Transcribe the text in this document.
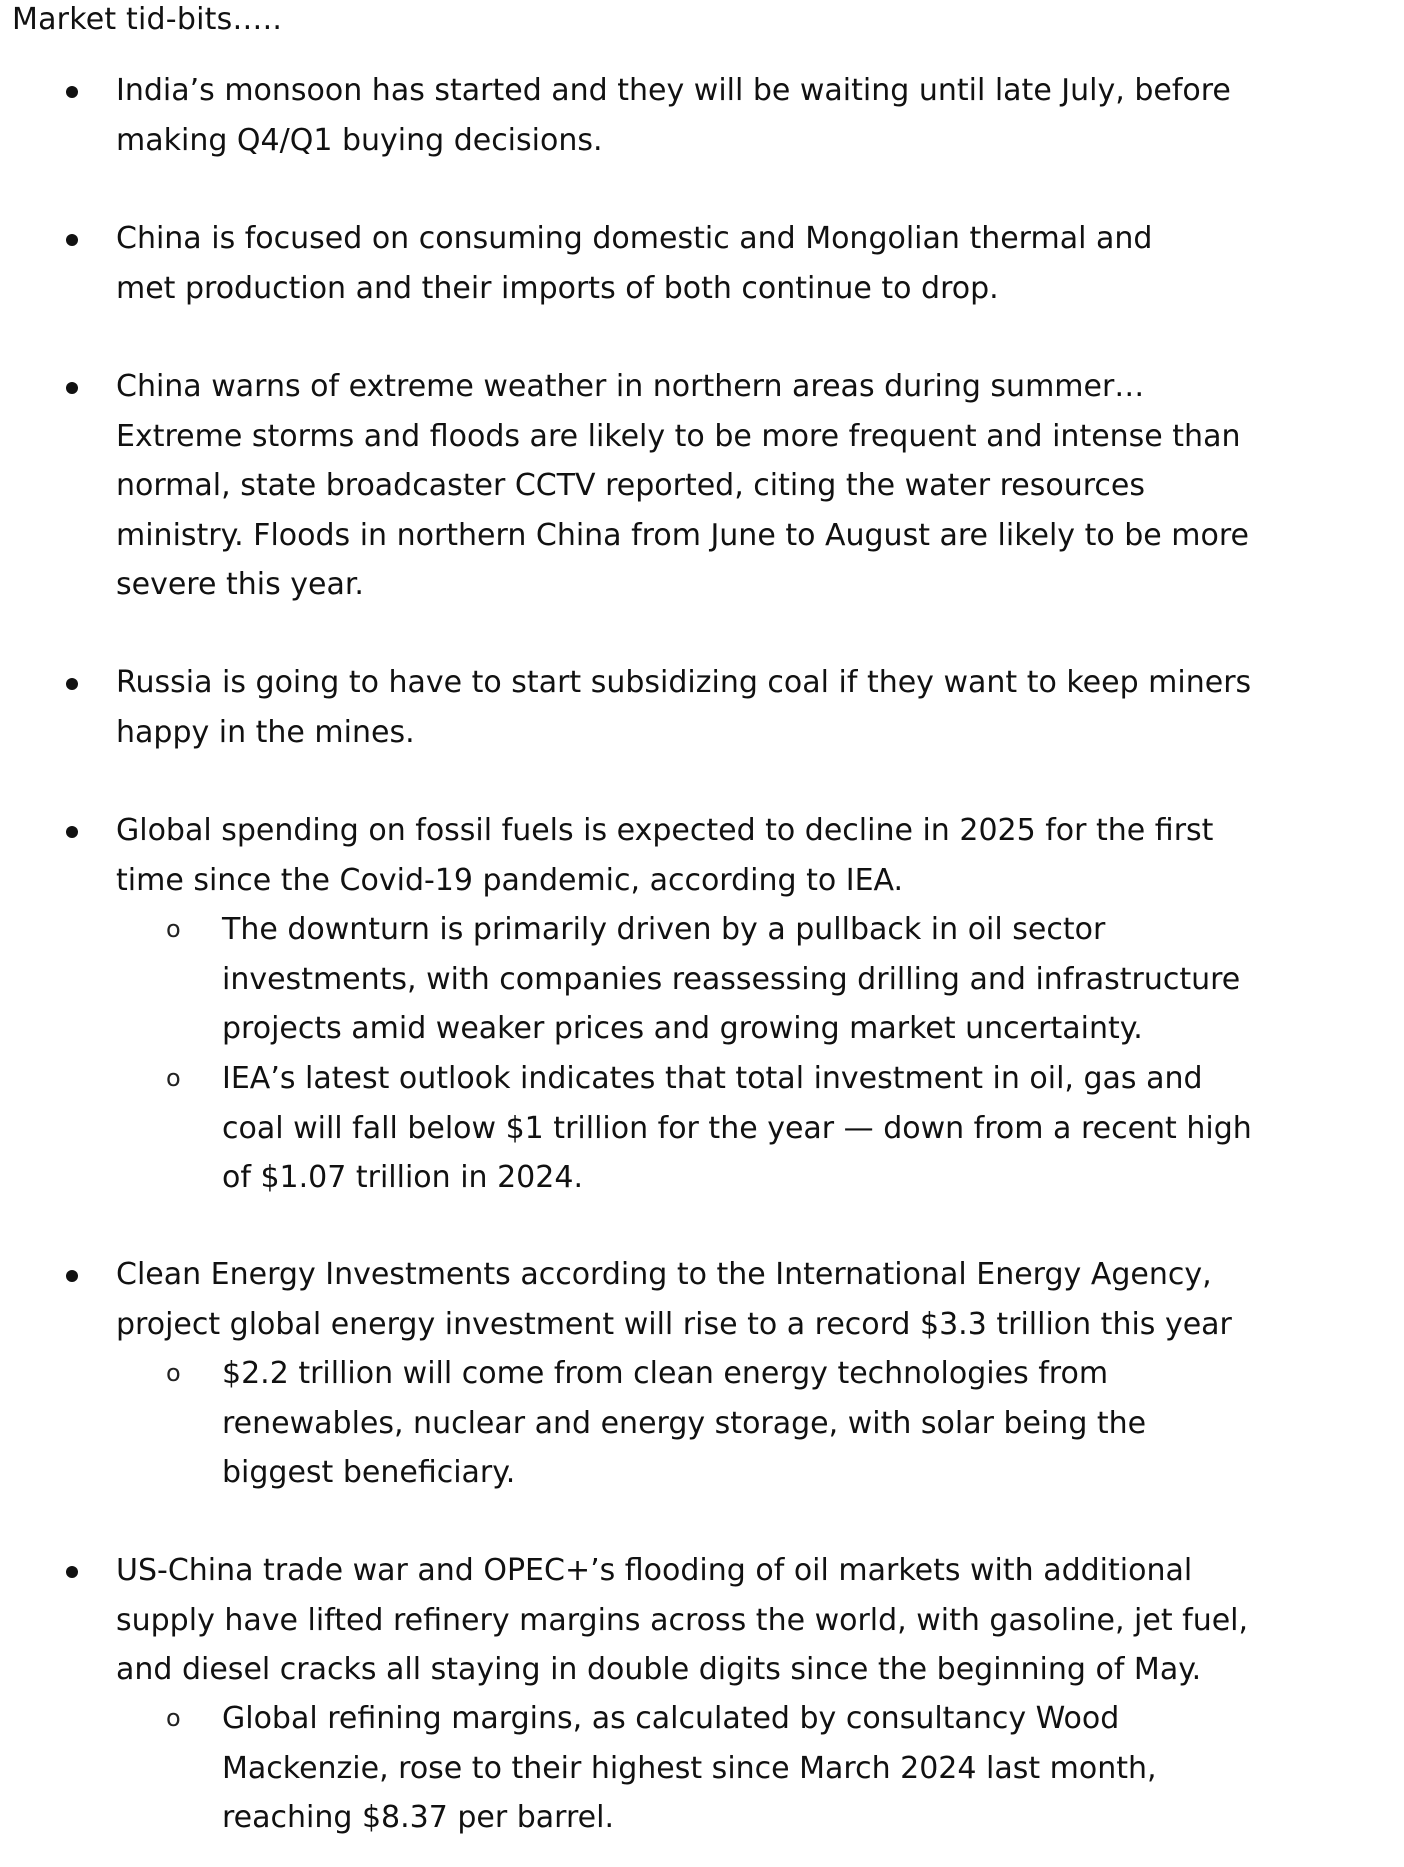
Market tid-bits…..
India’s monsoon has started and they will be waiting until late July, before
making Q4/Q1 buying decisions.
China is focused on consuming domestic and Mongolian thermal and
met production and their imports of both continue to drop.
China warns of extreme weather in northern areas during summer…
Extreme storms and floods are likely to be more frequent and intense than
normal, state broadcaster CCTV reported, citing the water resources
ministry. Floods in northern China from June to August are likely to be more
severe this year.
Russia is going to have to start subsidizing coal if they want to keep miners
happy in the mines.
Global spending on fossil fuels is expected to decline in 2025 for the first
time since the Covid-19 pandemic, according to IEA.
o The downturn is primarily driven by a pullback in oil sector
investments, with companies reassessing drilling and infrastructure
projects amid weaker prices and growing market uncertainty.
o IEA’s latest outlook indicates that total investment in oil, gas and
coal will fall below $1 trillion for the year — down from a recent high
of $1.07 trillion in 2024.
Clean Energy Investments according to the International Energy Agency,
project global energy investment will rise to a record $3.3 trillion this year
o $2.2 trillion will come from clean energy technologies from
renewables, nuclear and energy storage, with solar being the
biggest beneficiary.
US-China trade war and OPEC+’s flooding of oil markets with additional
supply have lifted refinery margins across the world, with gasoline, jet fuel,
and diesel cracks all staying in double digits since the beginning of May.
o Global refining margins, as calculated by consultancy Wood
Mackenzie, rose to their highest since March 2024 last month,
reaching $8.37 per barrel.
